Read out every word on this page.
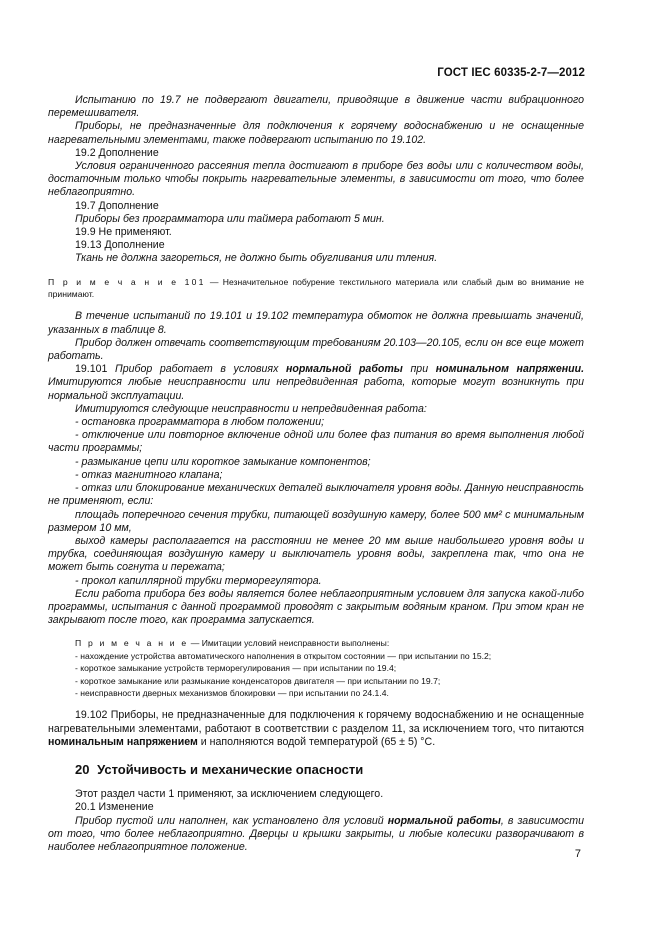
ГОСТ IEC 60335-2-7—2012

Испытанию по 19.7 не подвергают двигатели, приводящие в движение части вибрационного перемешивателя.

Приборы, не предназначенные для подключения к горячему водоснабжению и не оснащенные нагревательными элементами, также подвергают испытанию по 19.102.

19.2 Дополнение

Условия ограниченного рассеяния тепла достигают в приборе без воды или с количеством воды, достаточным только чтобы покрыть нагревательные элементы, в зависимости от того, что более неблагоприятно.

19.7 Дополнение

Приборы без программатора или таймера работают 5 мин.

19.9 Не применяют.

19.13 Дополнение

Ткань не должна загореться, не должно быть обугливания или тления.

П р и м е ч а н и е 101 — Незначительное побурение текстильного материала или слабый дым во внимание не принимают.

В течение испытаний по 19.101 и 19.102 температура обмоток не должна превышать значений, указанных в таблице 8.

Прибор должен отвечать соответствующим требованиям 20.103—20.105, если он все еще может работать.

19.101 Прибор работает в условиях нормальной работы при номинальном напряжении. Имитируются любые неисправности или непредвиденная работа, которые могут возникнуть при нормальной эксплуатации.

Имитируются следующие неисправности и непредвиденная работа:

- остановка программатора в любом положении;

- отключение или повторное включение одной или более фаз питания во время выполнения любой части программы;

- размыкание цепи или короткое замыкание компонентов;

- отказ магнитного клапана;

- отказ или блокирование механических деталей выключателя уровня воды. Данную неисправность не применяют, если:

площадь поперечного сечения трубки, питающей воздушную камеру, более 500 мм² с минимальным размером 10 мм,

выход камеры располагается на расстоянии не менее 20 мм выше наибольшего уровня воды и трубка, соединяющая воздушную камеру и выключатель уровня воды, закреплена так, что она не может быть согнута и пережата;

- прокол капиллярной трубки терморегулятора.

Если работа прибора без воды является более неблагоприятным условием для запуска какой-либо программы, испытания с данной программой проводят с закрытым водяным краном. При этом кран не закрывают после того, как программа запускается.

П р и м е ч а н и е — Имитации условий неисправности выполнены:

- нахождение устройства автоматического наполнения в открытом состоянии — при испытании по 15.2;

- короткое замыкание устройств терморегулирования — при испытании по 19.4;

- короткое замыкание или размыкание конденсаторов двигателя — при испытании по 19.7;

- неисправности дверных механизмов блокировки — при испытании по 24.1.4.

19.102 Приборы, не предназначенные для подключения к горячему водоснабжению и не оснащенные нагревательными элементами, работают в соответствии с разделом 11, за исключением того, что питаются номинальным напряжением и наполняются водой температурой (65 ± 5) °С.

20 Устойчивость и механические опасности

Этот раздел части 1 применяют, за исключением следующего.

20.1 Изменение

Прибор пустой или наполнен, как установлено для условий нормальной работы, в зависимости от того, что более неблагоприятно. Дверцы и крышки закрыты, и любые колесики разворачивают в наиболее неблагоприятное положение.

7
